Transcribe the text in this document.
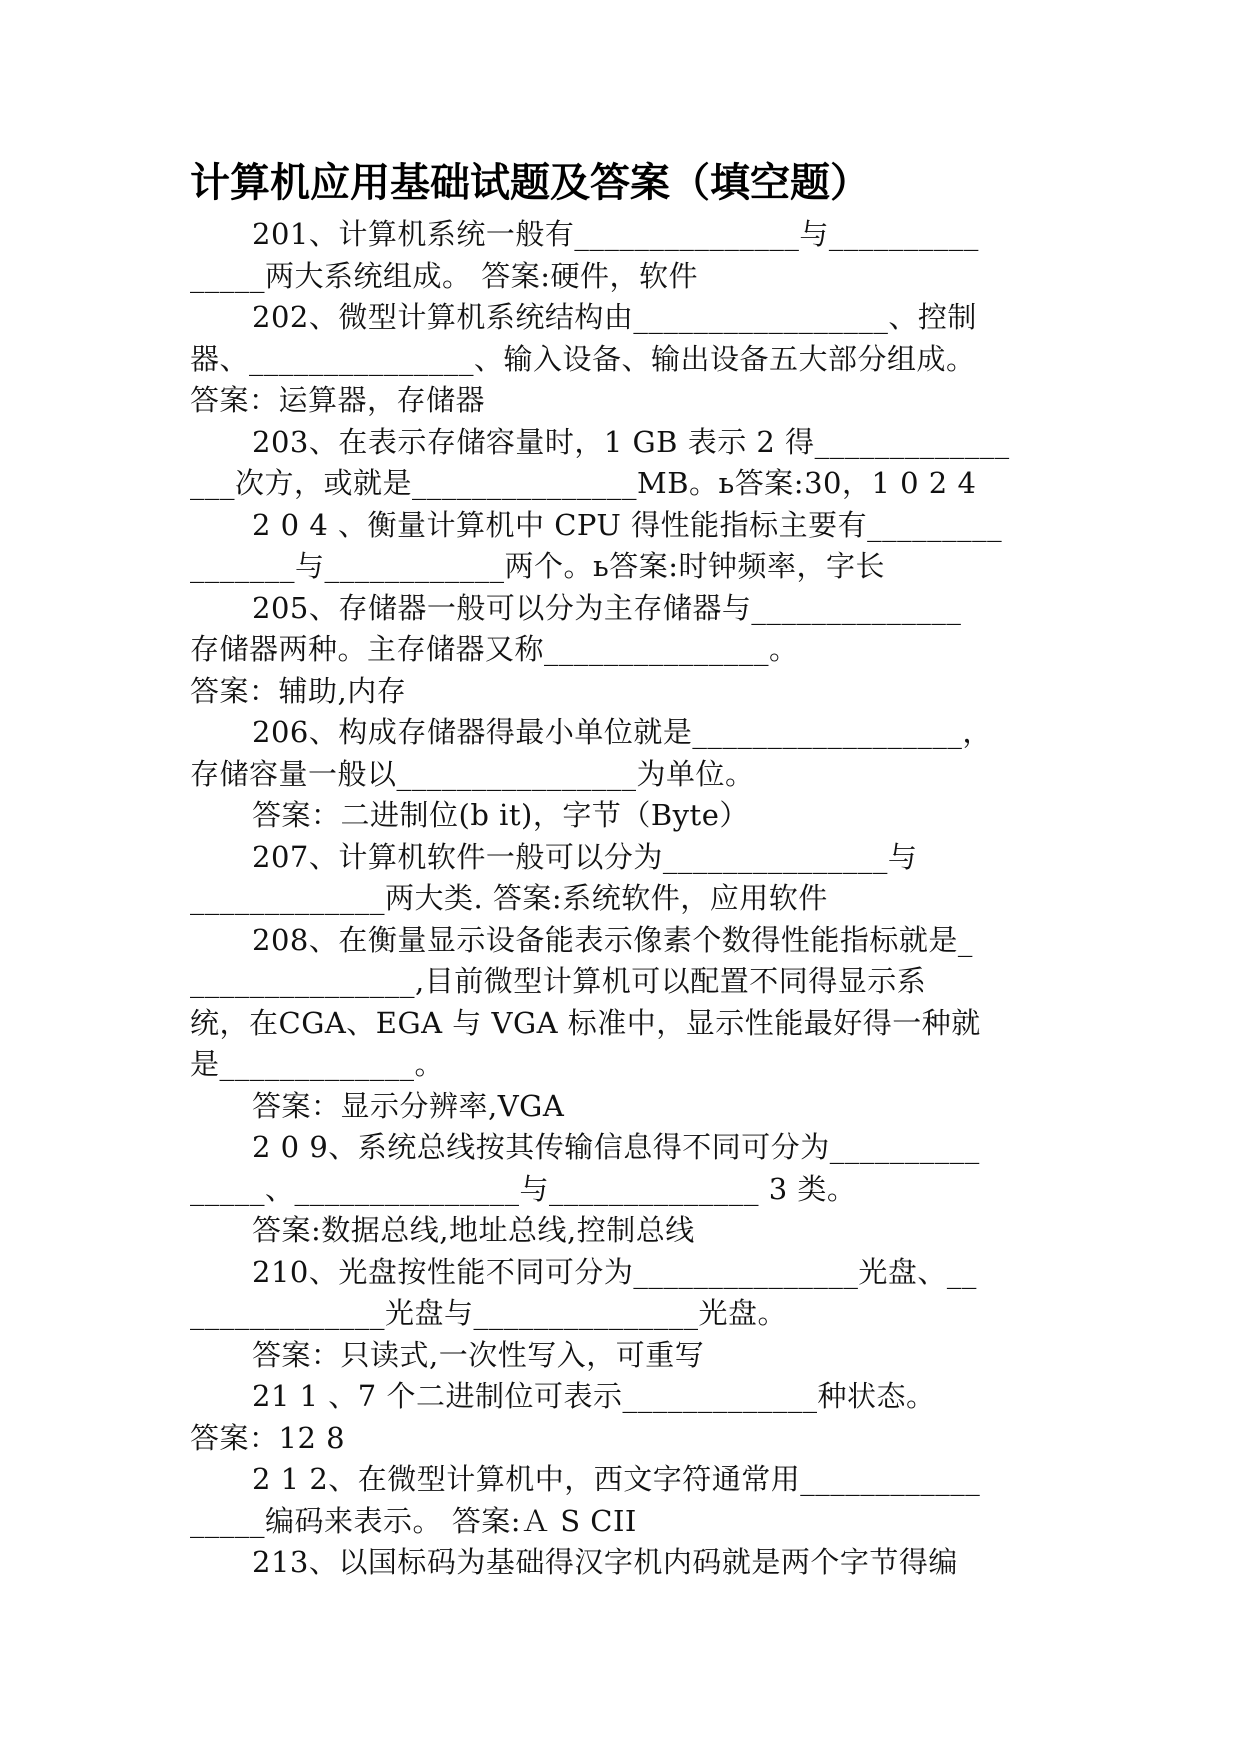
计算机应用基础试题及答案（填空题）
201、计算机系统一般有_______________与__________
_____两大系统组成。 答案:硬件，软件
202、微型计算机系统结构由_________________、控制
器、_______________、输入设备、输出设备五大部分组成。
答案：运算器，存储器
203、在表示存储容量时，1 GB 表示 2 得_____________
___次方，或就是_______________MB。ь答案:30，1 0 2 4
2 0 4 、衡量计算机中 CPU 得性能指标主要有_________
_______与____________两个。ь答案:时钟频率，字长
205、存储器一般可以分为主存储器与______________
存储器两种。主存储器又称_______________。
答案：辅助,内存
206、构成存储器得最小单位就是__________________，
存储容量一般以________________为单位。
答案：二进制位(b it)，字节（Byte）
207、计算机软件一般可以分为_______________与
_____________两大类. 答案:系统软件，应用软件
208、在衡量显示设备能表示像素个数得性能指标就是_
_______________,目前微型计算机可以配置不同得显示系
统，在CGA、EGA 与 VGA 标准中，显示性能最好得一种就
是_____________。
答案：显示分辨率,VGA
2 0 9、系统总线按其传输信息得不同可分为__________
_____、_______________与______________ 3 类。
答案:数据总线,地址总线,控制总线
210、光盘按性能不同可分为_______________光盘、__
_____________光盘与_______________光盘。
答案：只读式,一次性写入，可重写
21 1 、7 个二进制位可表示_____________种状态。
答案：12 8
2 1 2、在微型计算机中，西文字符通常用____________
_____编码来表示。 答案:Ａ S CII
213、以国标码为基础得汉字机内码就是两个字节得编
